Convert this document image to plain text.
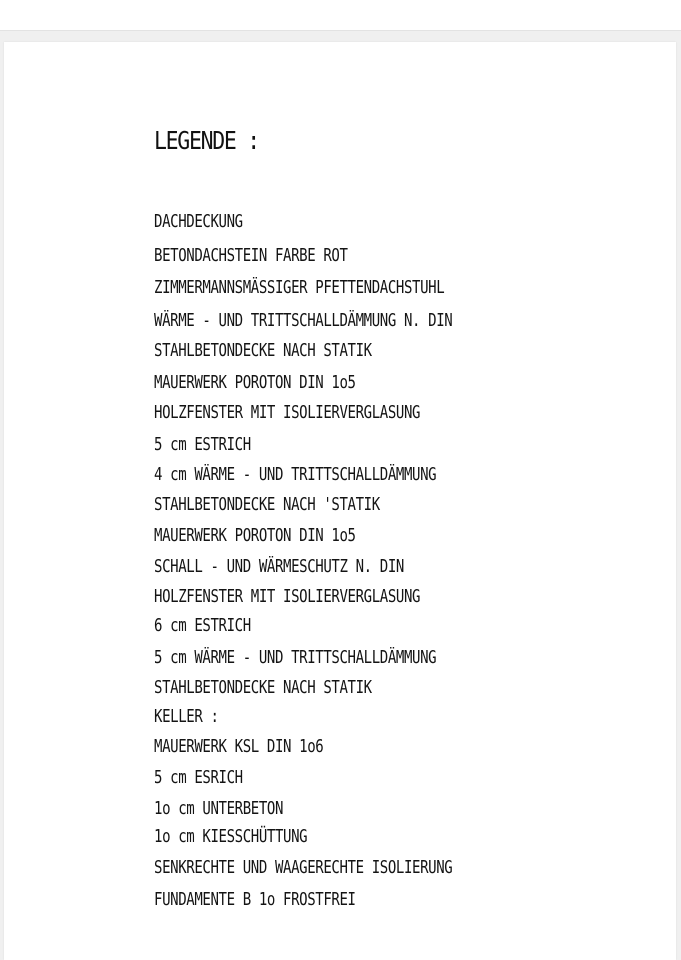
LEGENDE :
DACHDECKUNG
BETONDACHSTEIN FARBE ROT
ZIMMERMANNSMÄSSIGER PFETTENDACHSTUHL
WÄRME - UND TRITTSCHALLDÄMMUNG N. DIN
STAHLBETONDECKE NACH STATIK
MAUERWERK POROTON DIN 1o5
HOLZFENSTER MIT ISOLIERVERGLASUNG
5 cm ESTRICH
4 cm WÄRME - UND TRITTSCHALLDÄMMUNG
STAHLBETONDECKE NACH 'STATIK
MAUERWERK POROTON DIN 1o5
SCHALL - UND WÄRMESCHUTZ N. DIN
HOLZFENSTER MIT ISOLIERVERGLASUNG
6 cm ESTRICH
5 cm WÄRME - UND TRITTSCHALLDÄMMUNG
STAHLBETONDECKE NACH STATIK
KELLER :
MAUERWERK KSL DIN 1o6
5 cm ESRICH
1o cm UNTERBETON
1o cm KIESSCHÜTTUNG
SENKRECHTE UND WAAGERECHTE ISOLIERUNG
FUNDAMENTE B 1o FROSTFREI
